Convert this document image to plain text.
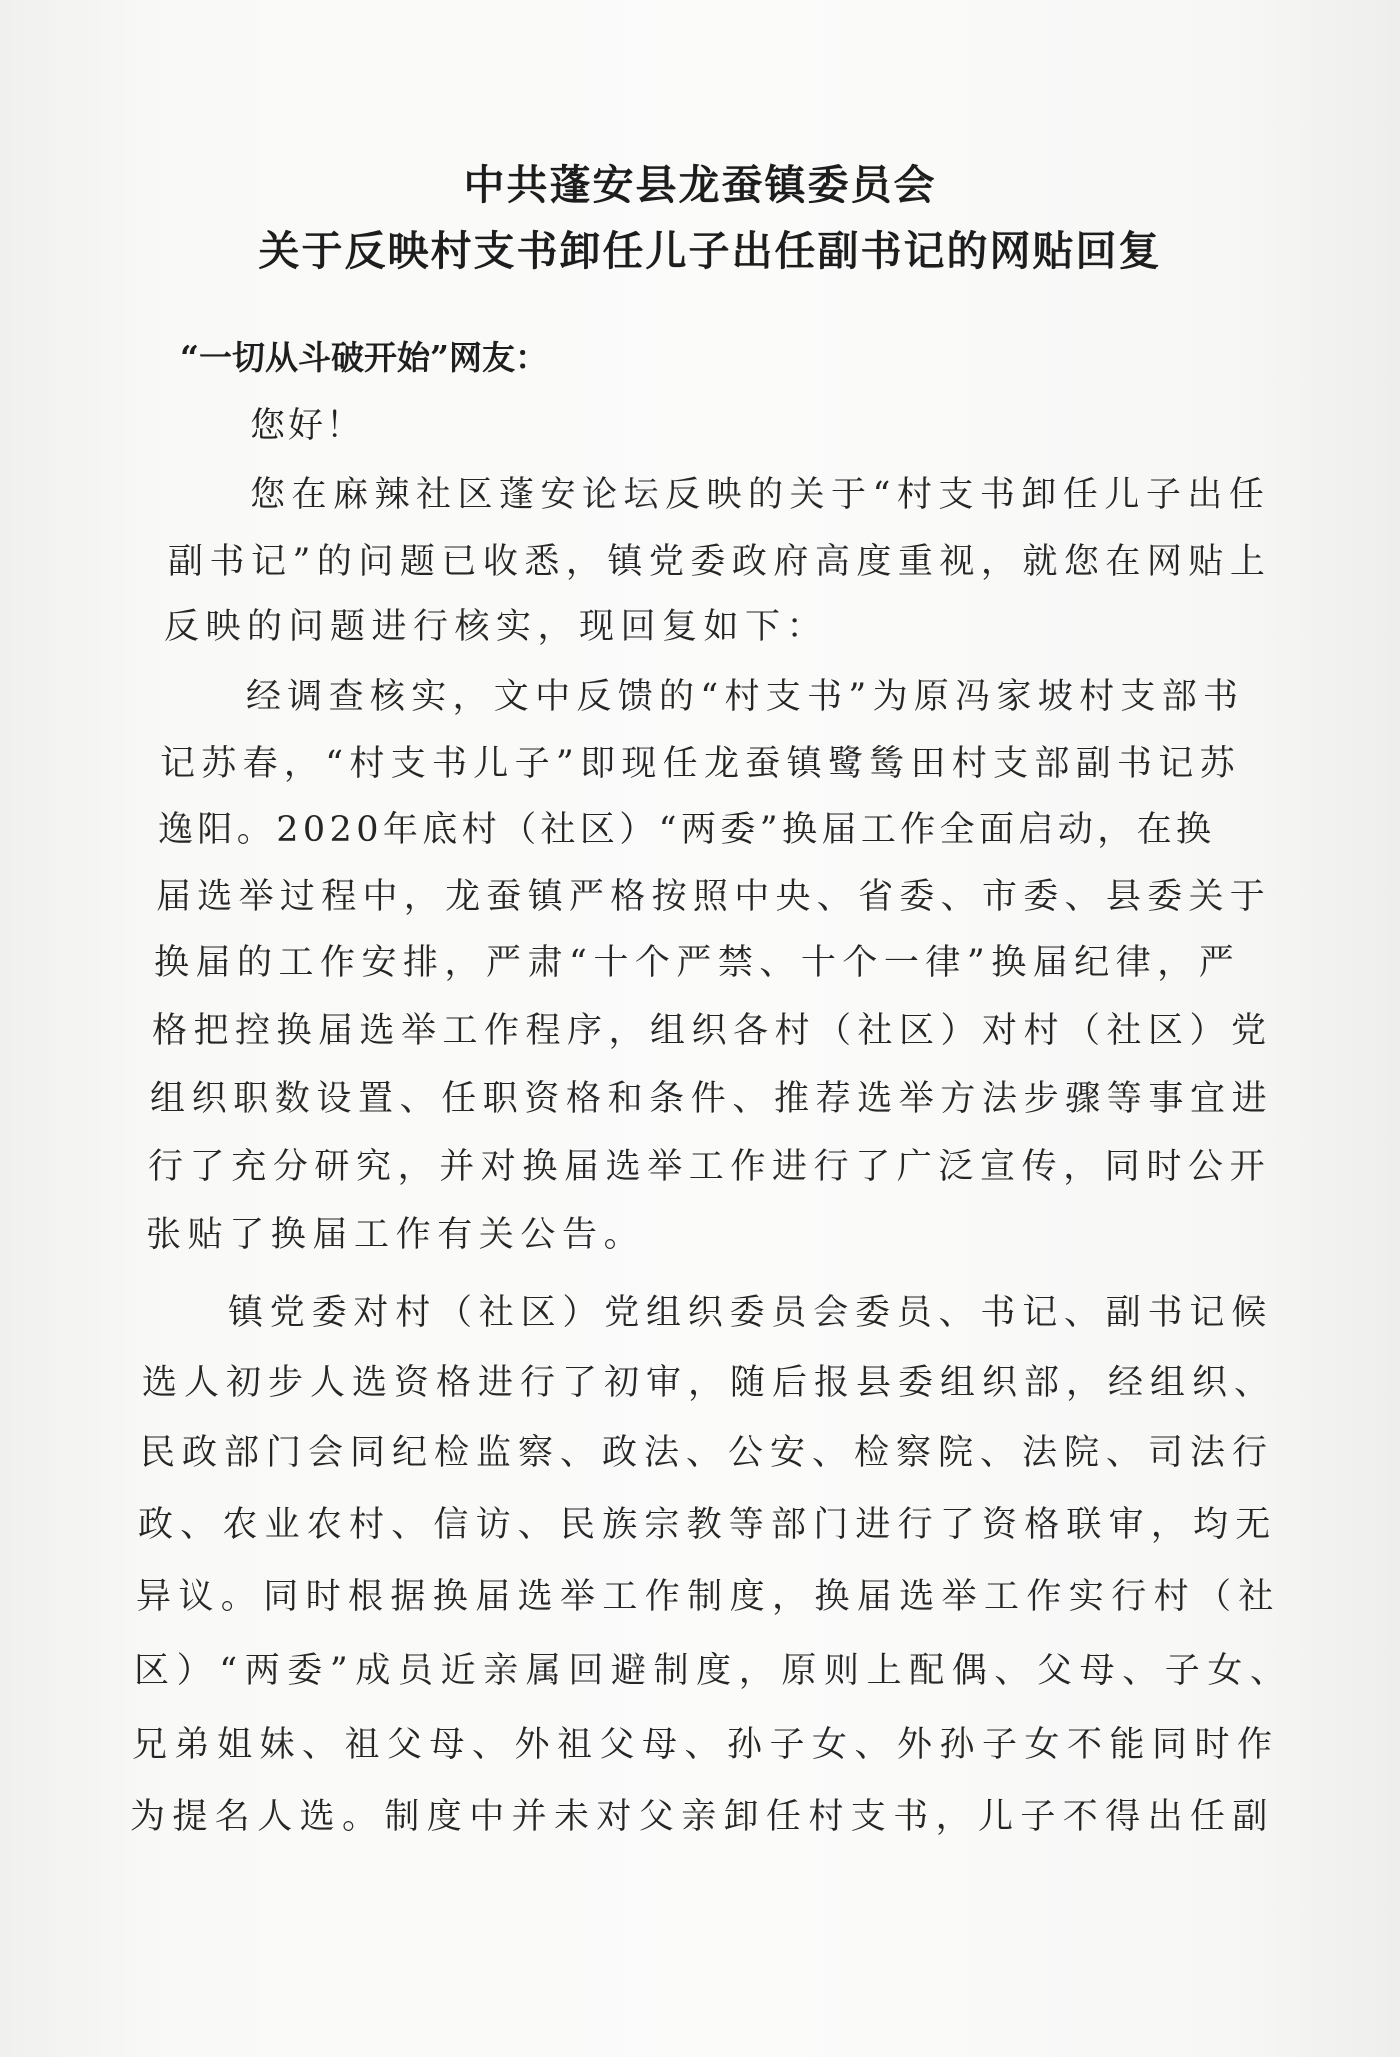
中共蓬安县龙蚕镇委员会
关于反映村支书卸任儿子出任副书记的网贴回复
“一切从斗破开始”网友：
您好！
您在麻辣社区蓬安论坛反映的关于“村支书卸任儿子出任
副书记”的问题已收悉，镇党委政府高度重视，就您在网贴上
反映的问题进行核实，现回复如下：
经调查核实，文中反馈的“村支书”为原冯家坡村支部书
记苏春，“村支书儿子”即现任龙蚕镇鹭鸶田村支部副书记苏
逸阳。2020年底村（社区）“两委”换届工作全面启动，在换
届选举过程中，龙蚕镇严格按照中央、省委、市委、县委关于
换届的工作安排，严肃“十个严禁、十个一律”换届纪律，严
格把控换届选举工作程序，组织各村（社区）对村（社区）党
组织职数设置、任职资格和条件、推荐选举方法步骤等事宜进
行了充分研究，并对换届选举工作进行了广泛宣传，同时公开
张贴了换届工作有关公告。
镇党委对村（社区）党组织委员会委员、书记、副书记候
选人初步人选资格进行了初审，随后报县委组织部，经组织、
民政部门会同纪检监察、政法、公安、检察院、法院、司法行
政、农业农村、信访、民族宗教等部门进行了资格联审，均无
异议。同时根据换届选举工作制度，换届选举工作实行村（社
区）“两委”成员近亲属回避制度，原则上配偶、父母、子女、
兄弟姐妹、祖父母、外祖父母、孙子女、外孙子女不能同时作
为提名人选。制度中并未对父亲卸任村支书，儿子不得出任副
